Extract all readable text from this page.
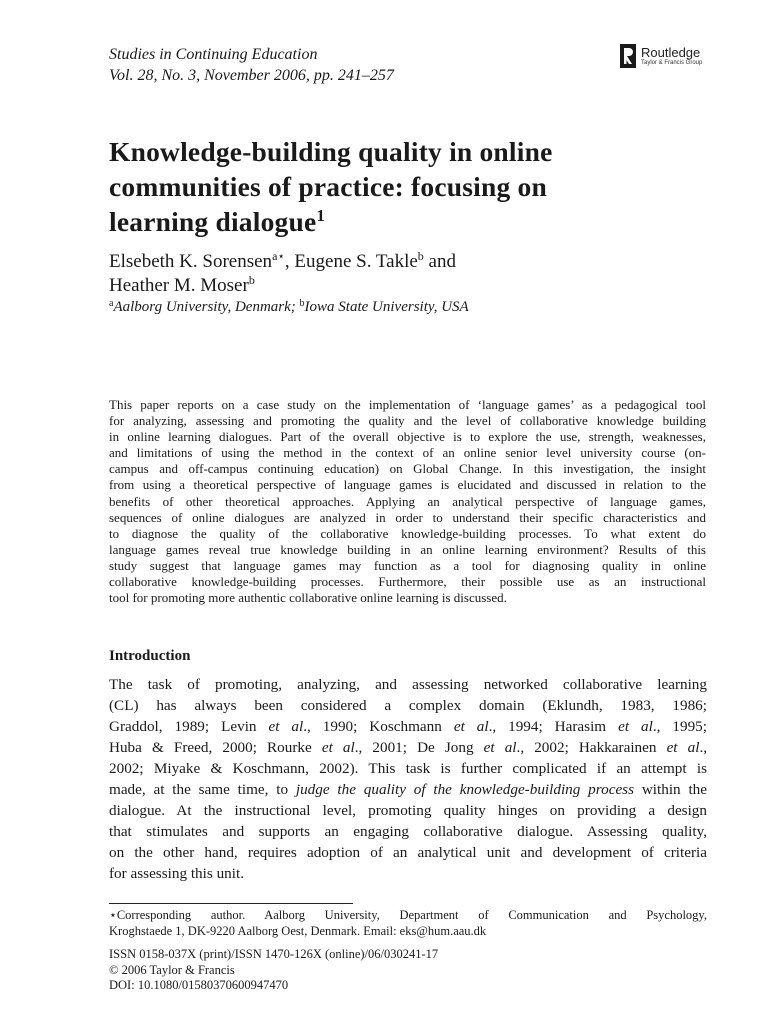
Studies in Continuing Education
Vol. 28, No. 3, November 2006, pp. 241–257
Routledge
Taylor & Francis Group
Knowledge-building quality in online
communities of practice: focusing on
learning dialogue$^1$
Elsebeth K. Sorensen$^{a⋆}$, Eugene S. Takle$^b$ and
Heather M. Moser$^b$
$^a$Aalborg University, Denmark; $^b$Iowa State University, USA
This paper reports on a case study on the implementation of ‘language games’ as a pedagogical tool
for analyzing, assessing and promoting the quality and the level of collaborative knowledge building
in online learning dialogues. Part of the overall objective is to explore the use, strength, weaknesses,
and limitations of using the method in the context of an online senior level university course (on-
campus and off-campus continuing education) on Global Change. In this investigation, the insight
from using a theoretical perspective of language games is elucidated and discussed in relation to the
benefits of other theoretical approaches. Applying an analytical perspective of language games,
sequences of online dialogues are analyzed in order to understand their specific characteristics and
to diagnose the quality of the collaborative knowledge-building processes. To what extent do
language games reveal true knowledge building in an online learning environment? Results of this
study suggest that language games may function as a tool for diagnosing quality in online
collaborative knowledge-building processes. Furthermore, their possible use as an instructional
tool for promoting more authentic collaborative online learning is discussed.
Introduction
The task of promoting, analyzing, and assessing networked collaborative learning
(CL) has always been considered a complex domain (Eklundh, 1983, 1986;
Graddol, 1989; Levin et al., 1990; Koschmann et al., 1994; Harasim et al., 1995;
Huba & Freed, 2000; Rourke et al., 2001; De Jong et al., 2002; Hakkarainen et al.,
2002; Miyake & Koschmann, 2002). This task is further complicated if an attempt is
made, at the same time, to judge the quality of the knowledge-building process within the
dialogue. At the instructional level, promoting quality hinges on providing a design
that stimulates and supports an engaging collaborative dialogue. Assessing quality,
on the other hand, requires adoption of an analytical unit and development of criteria
for assessing this unit.
⋆Corresponding author. Aalborg University, Department of Communication and Psychology,
Kroghstaede 1, DK-9220 Aalborg Oest, Denmark. Email: eks@hum.aau.dk
ISSN 0158-037X (print)/ISSN 1470-126X (online)/06/030241-17
© 2006 Taylor & Francis
DOI: 10.1080/01580370600947470
